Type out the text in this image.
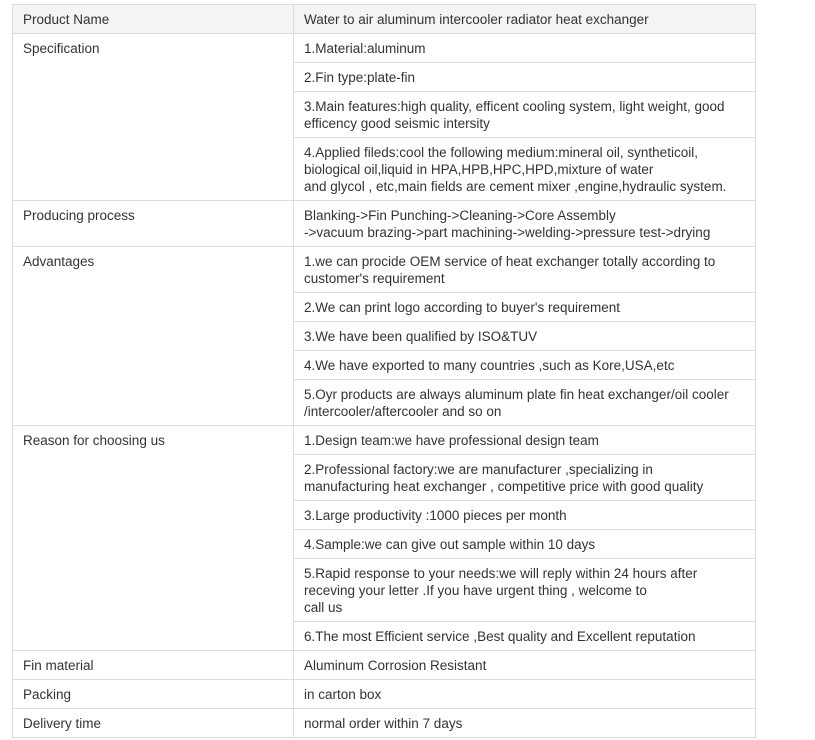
Product Name	Water to air aluminum intercooler radiator heat exchanger

Specification	1.Material:aluminum

	2.Fin type:plate-fin

	3.Main features:high quality, efficent cooling system, light weight, good
efficency good seismic intersity

	4.Applied fileds:cool the following medium:mineral oil, syntheticoil,
biological oil,liquid in HPA,HPB,HPC,HPD,mixture of water
and glycol , etc,main fields are cement mixer ,engine,hydraulic system.

Producing process	Blanking->Fin Punching->Cleaning->Core Assembly
->vacuum brazing->part machining->welding->pressure test->drying

Advantages	1.we can procide OEM service of heat exchanger totally according to
customer's requirement

	2.We can print logo according to buyer's requirement

	3.We have been qualified by ISO&TUV

	4.We have exported to many countries ,such as Kore,USA,etc

	5.Oyr products are always aluminum plate fin heat exchanger/oil cooler
/intercooler/aftercooler and so on

Reason for choosing us	1.Design team:we have professional design team

	2.Professional factory:we are manufacturer ,specializing in
manufacturing heat exchanger , competitive price with good quality

	3.Large productivity :1000 pieces per month

	4.Sample:we can give out sample within 10 days

	5.Rapid response to your needs:we will reply within 24 hours after
receving your letter .If you have urgent thing , welcome to
call us

	6.The most Efficient service ,Best quality and Excellent reputation

Fin material	Aluminum Corrosion Resistant

Packing	in carton box

Delivery time	normal order within 7 days
